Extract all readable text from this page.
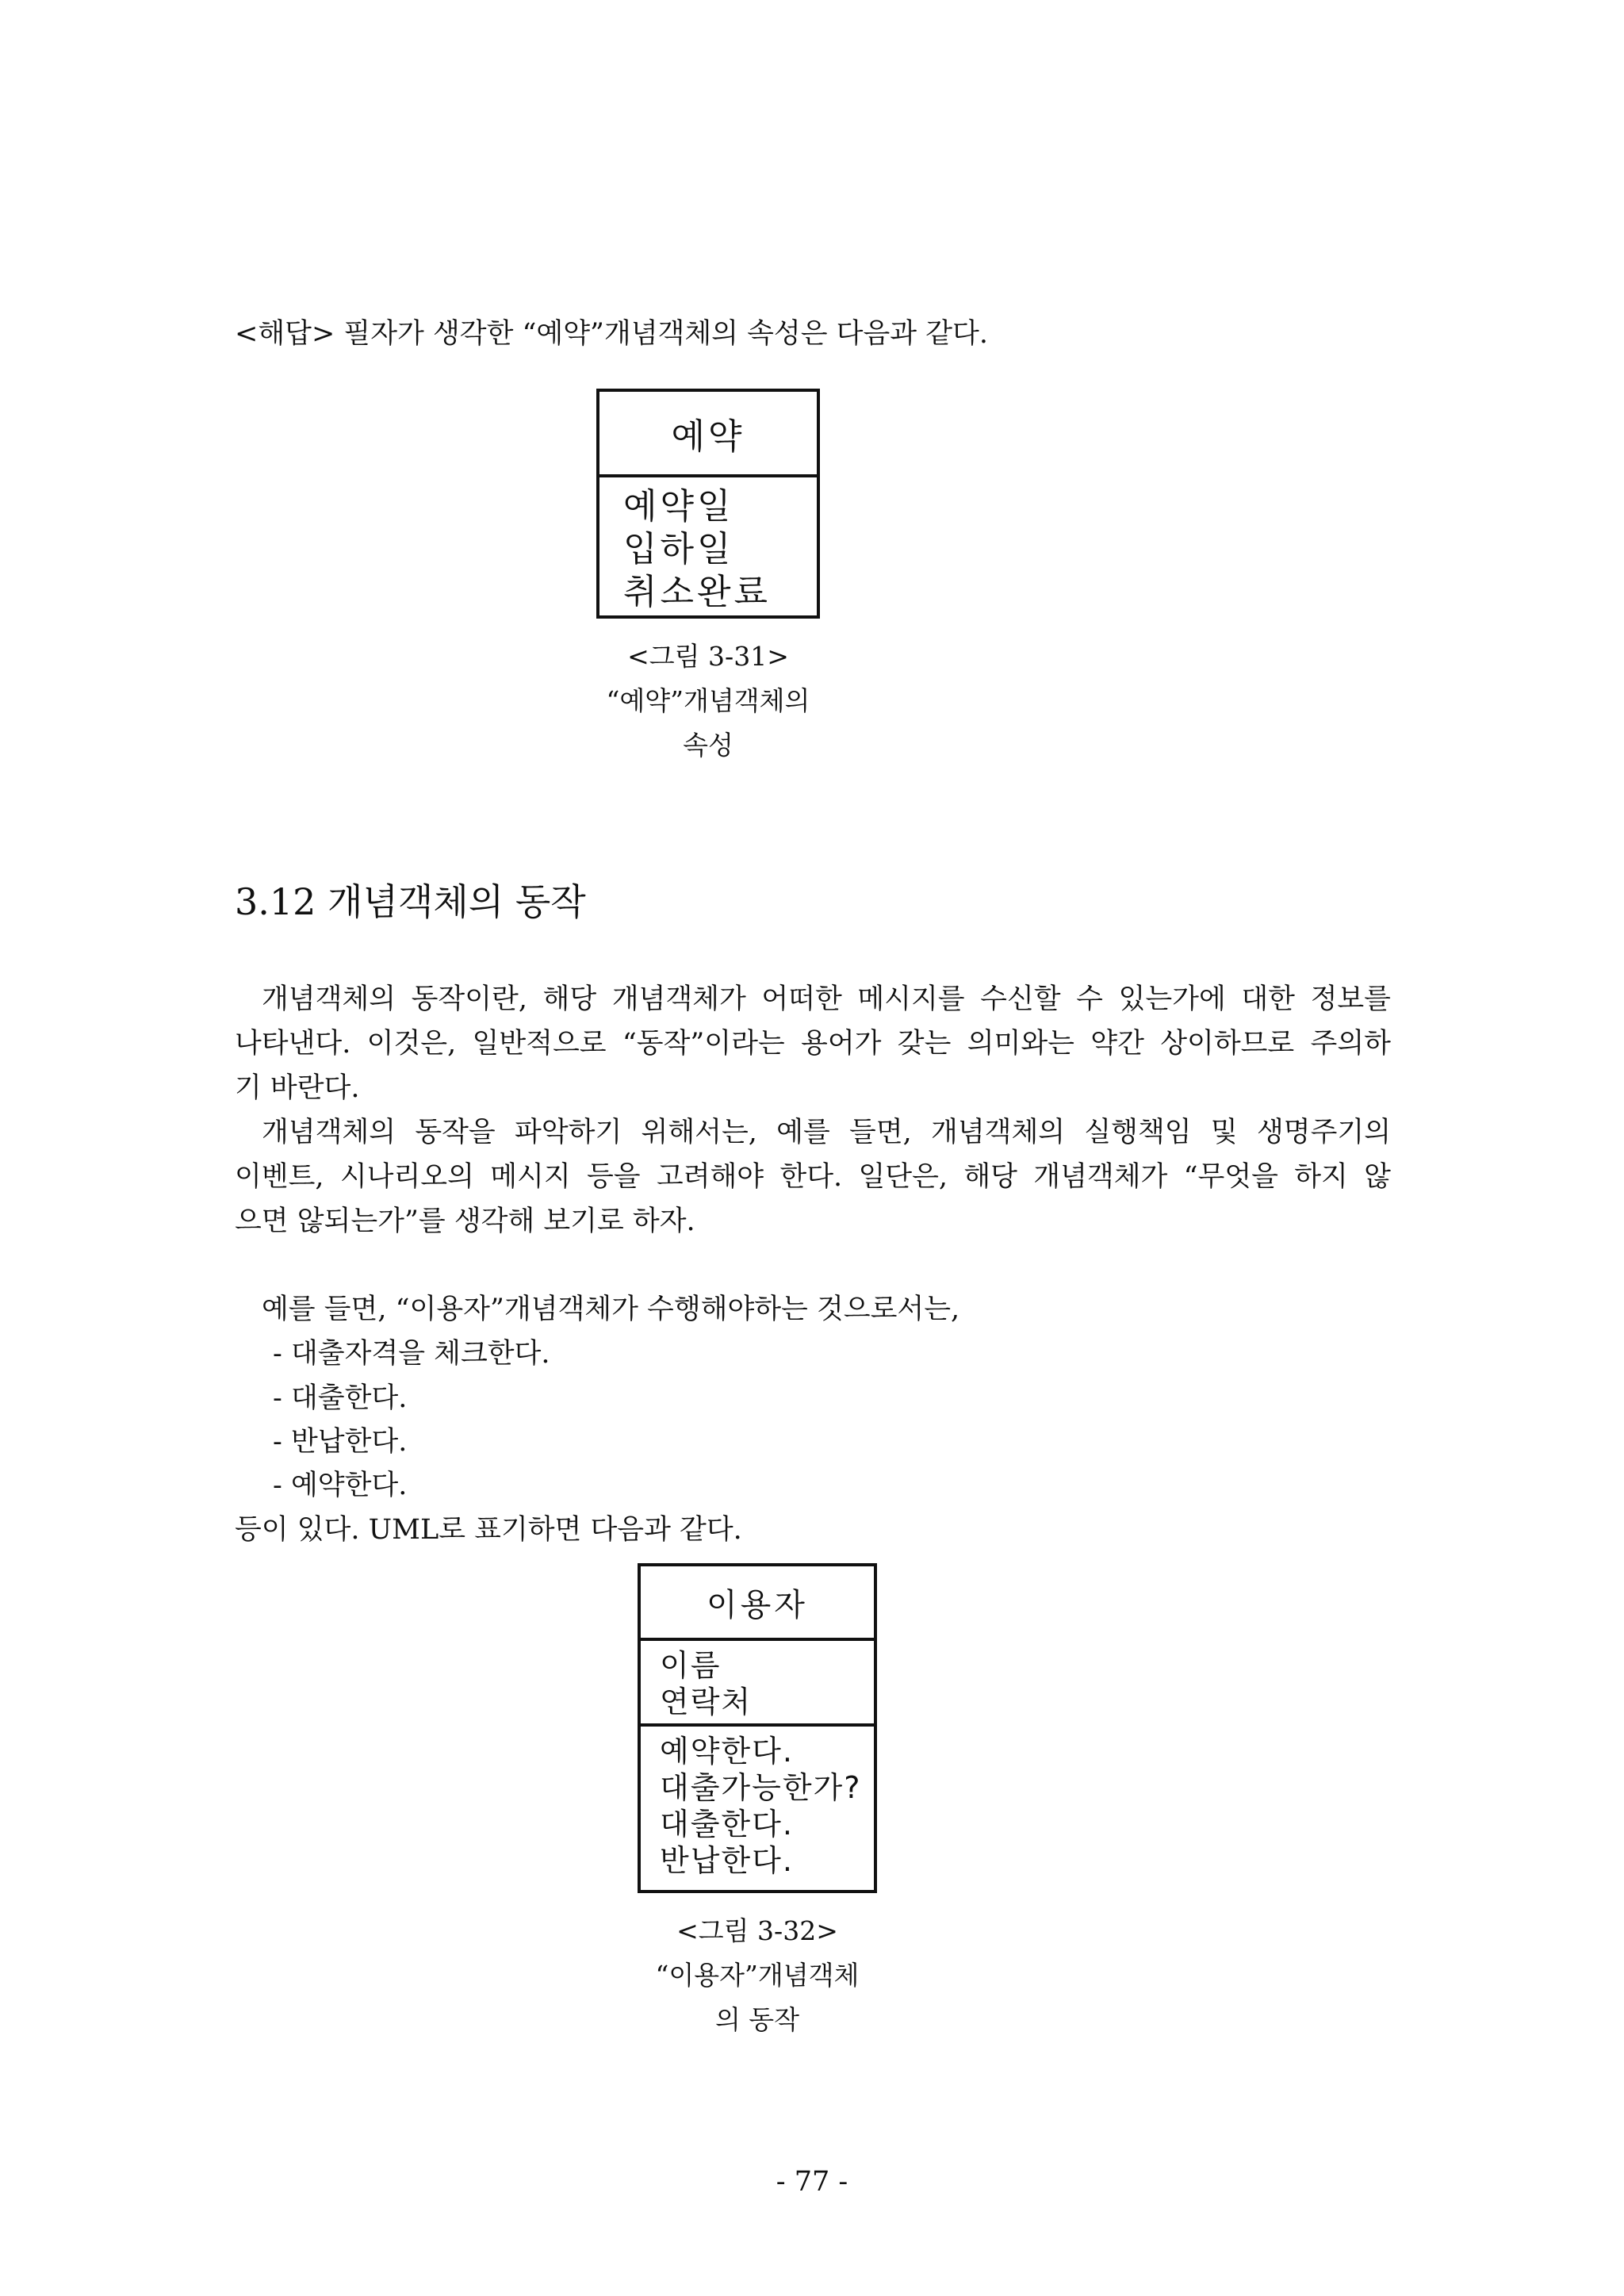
<해답> 필자가 생각한 “예약”개념객체의 속성은 다음과 같다.
예약
예약일
입하일
취소완료
<그림 3-31>
“예약”개념객체의
속성
3.12 개념객체의 동작
개념객체의 동작이란, 해당 개념객체가 어떠한 메시지를 수신할 수 있는가에 대한 정보를
나타낸다. 이것은, 일반적으로 “동작”이라는 용어가 갖는 의미와는 약간 상이하므로 주의하
기 바란다.
개념객체의 동작을 파악하기 위해서는, 예를 들면, 개념객체의 실행책임 및 생명주기의
이벤트, 시나리오의 메시지 등을 고려해야 한다. 일단은, 해당 개념객체가 “무엇을 하지 않
으면 않되는가”를 생각해 보기로 하자.
예를 들면, “이용자”개념객체가 수행해야하는 것으로서는,
- 대출자격을 체크한다.
- 대출한다.
- 반납한다.
- 예약한다.
등이 있다. UML로 표기하면 다음과 같다.
이용자
이름
연락처
예약한다.
대출가능한가?
대출한다.
반납한다.
<그림 3-32>
“이용자”개념객체
의 동작
- 77 -
